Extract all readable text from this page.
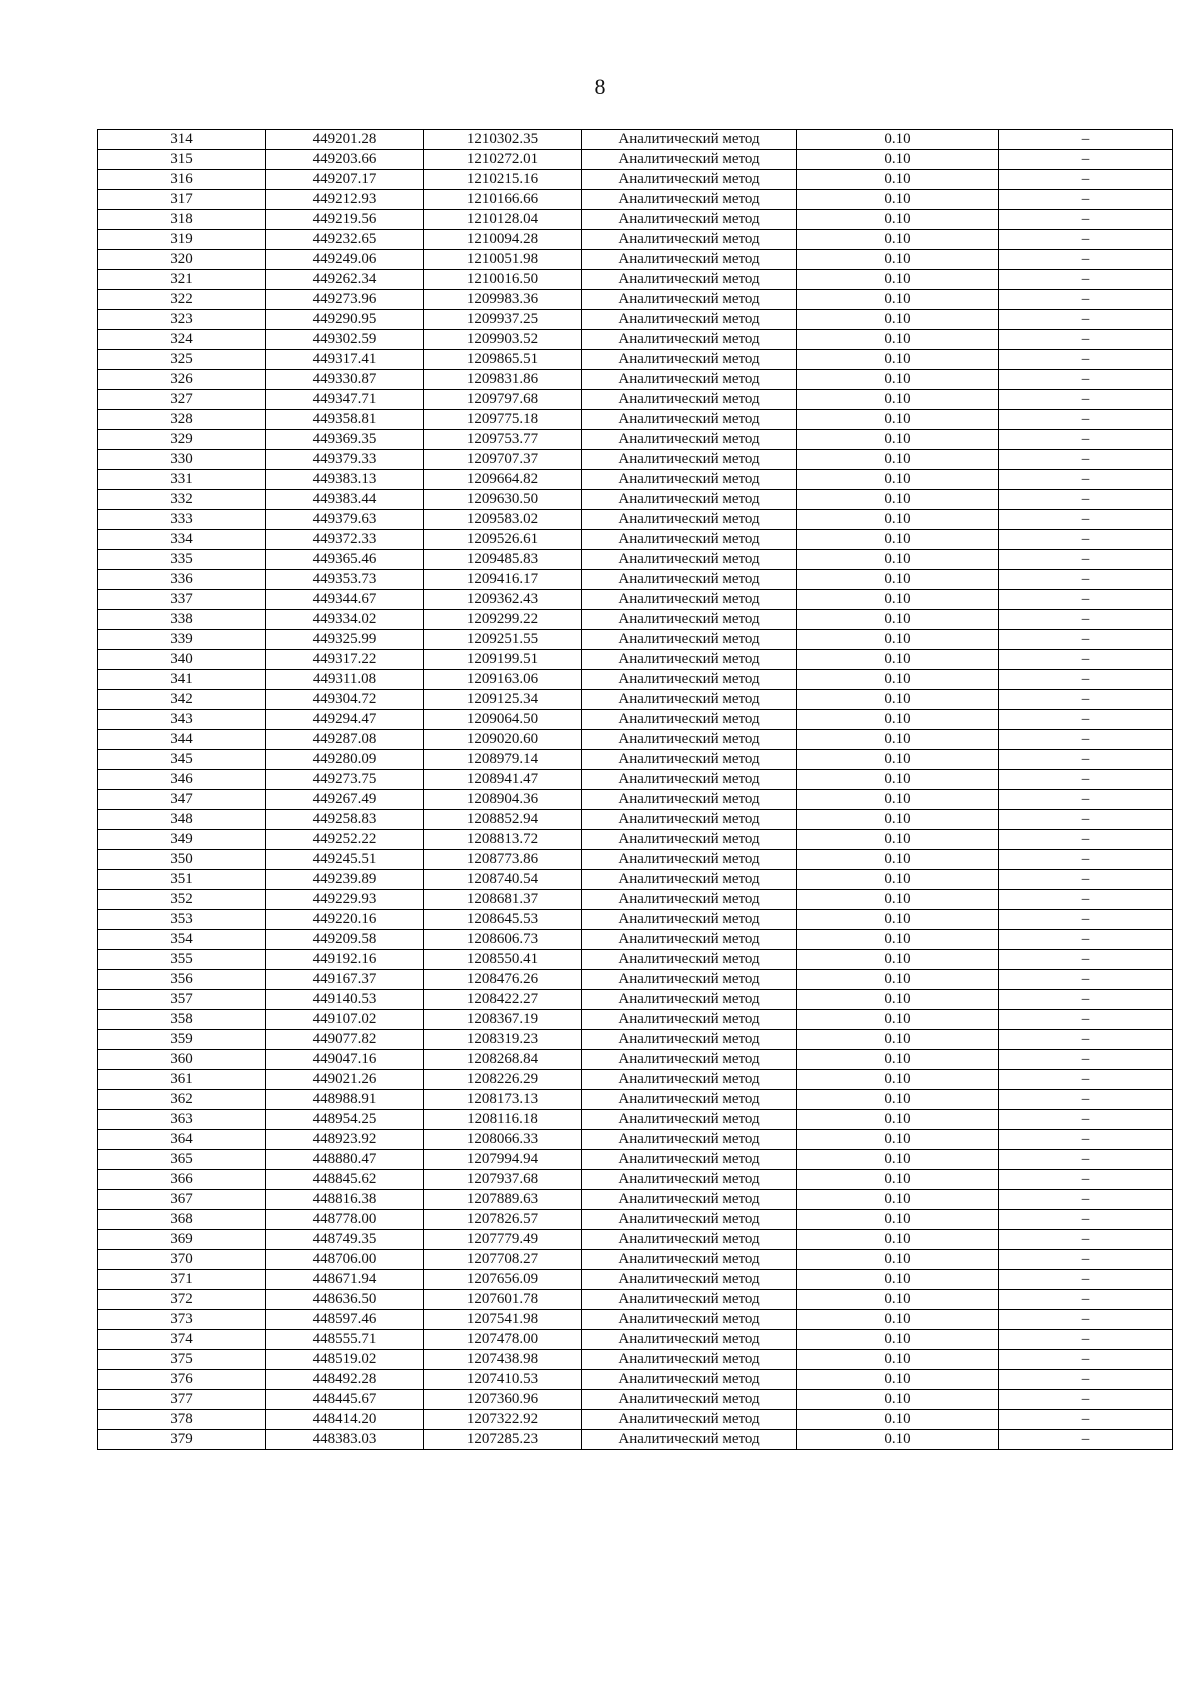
8
314	449201.28	1210302.35	Аналитический метод	0.10	–
315	449203.66	1210272.01	Аналитический метод	0.10	–
316	449207.17	1210215.16	Аналитический метод	0.10	–
317	449212.93	1210166.66	Аналитический метод	0.10	–
318	449219.56	1210128.04	Аналитический метод	0.10	–
319	449232.65	1210094.28	Аналитический метод	0.10	–
320	449249.06	1210051.98	Аналитический метод	0.10	–
321	449262.34	1210016.50	Аналитический метод	0.10	–
322	449273.96	1209983.36	Аналитический метод	0.10	–
323	449290.95	1209937.25	Аналитический метод	0.10	–
324	449302.59	1209903.52	Аналитический метод	0.10	–
325	449317.41	1209865.51	Аналитический метод	0.10	–
326	449330.87	1209831.86	Аналитический метод	0.10	–
327	449347.71	1209797.68	Аналитический метод	0.10	–
328	449358.81	1209775.18	Аналитический метод	0.10	–
329	449369.35	1209753.77	Аналитический метод	0.10	–
330	449379.33	1209707.37	Аналитический метод	0.10	–
331	449383.13	1209664.82	Аналитический метод	0.10	–
332	449383.44	1209630.50	Аналитический метод	0.10	–
333	449379.63	1209583.02	Аналитический метод	0.10	–
334	449372.33	1209526.61	Аналитический метод	0.10	–
335	449365.46	1209485.83	Аналитический метод	0.10	–
336	449353.73	1209416.17	Аналитический метод	0.10	–
337	449344.67	1209362.43	Аналитический метод	0.10	–
338	449334.02	1209299.22	Аналитический метод	0.10	–
339	449325.99	1209251.55	Аналитический метод	0.10	–
340	449317.22	1209199.51	Аналитический метод	0.10	–
341	449311.08	1209163.06	Аналитический метод	0.10	–
342	449304.72	1209125.34	Аналитический метод	0.10	–
343	449294.47	1209064.50	Аналитический метод	0.10	–
344	449287.08	1209020.60	Аналитический метод	0.10	–
345	449280.09	1208979.14	Аналитический метод	0.10	–
346	449273.75	1208941.47	Аналитический метод	0.10	–
347	449267.49	1208904.36	Аналитический метод	0.10	–
348	449258.83	1208852.94	Аналитический метод	0.10	–
349	449252.22	1208813.72	Аналитический метод	0.10	–
350	449245.51	1208773.86	Аналитический метод	0.10	–
351	449239.89	1208740.54	Аналитический метод	0.10	–
352	449229.93	1208681.37	Аналитический метод	0.10	–
353	449220.16	1208645.53	Аналитический метод	0.10	–
354	449209.58	1208606.73	Аналитический метод	0.10	–
355	449192.16	1208550.41	Аналитический метод	0.10	–
356	449167.37	1208476.26	Аналитический метод	0.10	–
357	449140.53	1208422.27	Аналитический метод	0.10	–
358	449107.02	1208367.19	Аналитический метод	0.10	–
359	449077.82	1208319.23	Аналитический метод	0.10	–
360	449047.16	1208268.84	Аналитический метод	0.10	–
361	449021.26	1208226.29	Аналитический метод	0.10	–
362	448988.91	1208173.13	Аналитический метод	0.10	–
363	448954.25	1208116.18	Аналитический метод	0.10	–
364	448923.92	1208066.33	Аналитический метод	0.10	–
365	448880.47	1207994.94	Аналитический метод	0.10	–
366	448845.62	1207937.68	Аналитический метод	0.10	–
367	448816.38	1207889.63	Аналитический метод	0.10	–
368	448778.00	1207826.57	Аналитический метод	0.10	–
369	448749.35	1207779.49	Аналитический метод	0.10	–
370	448706.00	1207708.27	Аналитический метод	0.10	–
371	448671.94	1207656.09	Аналитический метод	0.10	–
372	448636.50	1207601.78	Аналитический метод	0.10	–
373	448597.46	1207541.98	Аналитический метод	0.10	–
374	448555.71	1207478.00	Аналитический метод	0.10	–
375	448519.02	1207438.98	Аналитический метод	0.10	–
376	448492.28	1207410.53	Аналитический метод	0.10	–
377	448445.67	1207360.96	Аналитический метод	0.10	–
378	448414.20	1207322.92	Аналитический метод	0.10	–
379	448383.03	1207285.23	Аналитический метод	0.10	–
